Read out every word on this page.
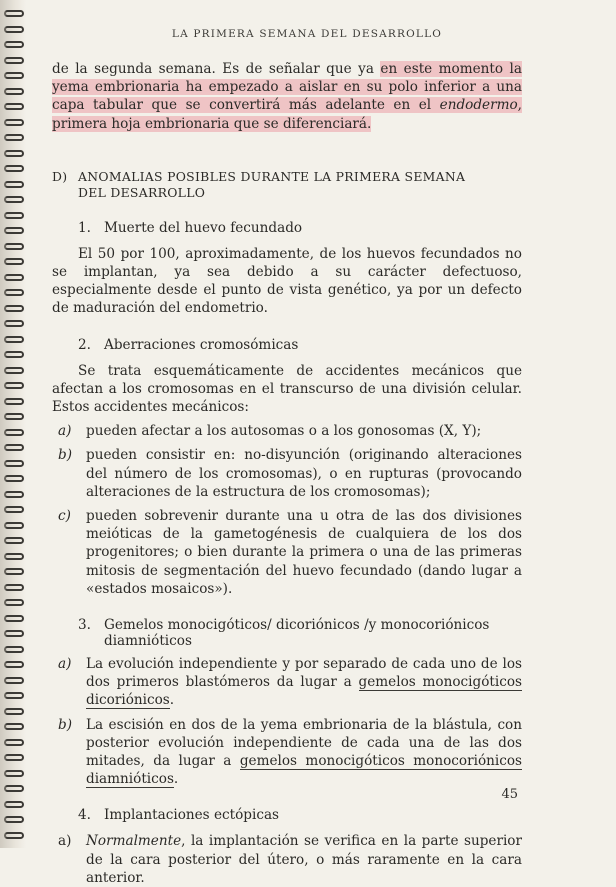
LA PRIMERA SEMANA DEL DESARROLLO

de la segunda semana. Es de señalar que ya en este momento la yema embrionaria ha empezado a aislar en su polo inferior a una capa tabular que se convertirá más adelante en el endodermo, primera hoja embrionaria que se diferenciará.

D) ANOMALIAS POSIBLES DURANTE LA PRIMERA SEMANA
DEL DESARROLLO
1. Muerte del huevo fecundado

El 50 por 100, aproximadamente, de los huevos fecundados no se implantan, ya sea debido a su carácter defectuoso, especialmente desde el punto de vista genético, ya por un defecto de maduración del endometrio.

2. Aberraciones cromosómicas

Se trata esquemáticamente de accidentes mecánicos que afectan a los cromosomas en el transcurso de una división celular. Estos accidentes mecánicos:

a)	pueden afectar a los autosomas o a los gonosomas (X, Y);

b)	pueden consistir en: no-disyunción (originando alteraciones del número de los cromosomas), o en rupturas (provocando alteraciones de la estructura de los cromosomas);

c)	pueden sobrevenir durante una u otra de las dos divisiones meióticas de la gametogénesis de cualquiera de los dos progenitores; o bien durante la primera o una de las primeras mitosis de segmentación del huevo fecundado (dando lugar a «estados mosaicos»).

3. Gemelos monocigóticos/ dicoriónicos /y monocoriónicos
diamnióticos
a)	La evolución independiente y por separado de cada uno de los dos primeros blastómeros da lugar a gemelos monocigóticos dicoriónicos.

b)	La escisión en dos de la yema embrionaria de la blástula, con posterior evolución independiente de cada una de las dos mitades, da lugar a gemelos monocigóticos monocoriónicos diamnióticos.

4. Implantaciones ectópicas
a)	Normalmente, la implantación se verifica en la parte superior de la cara posterior del útero, o más raramente en la cara anterior.

45
